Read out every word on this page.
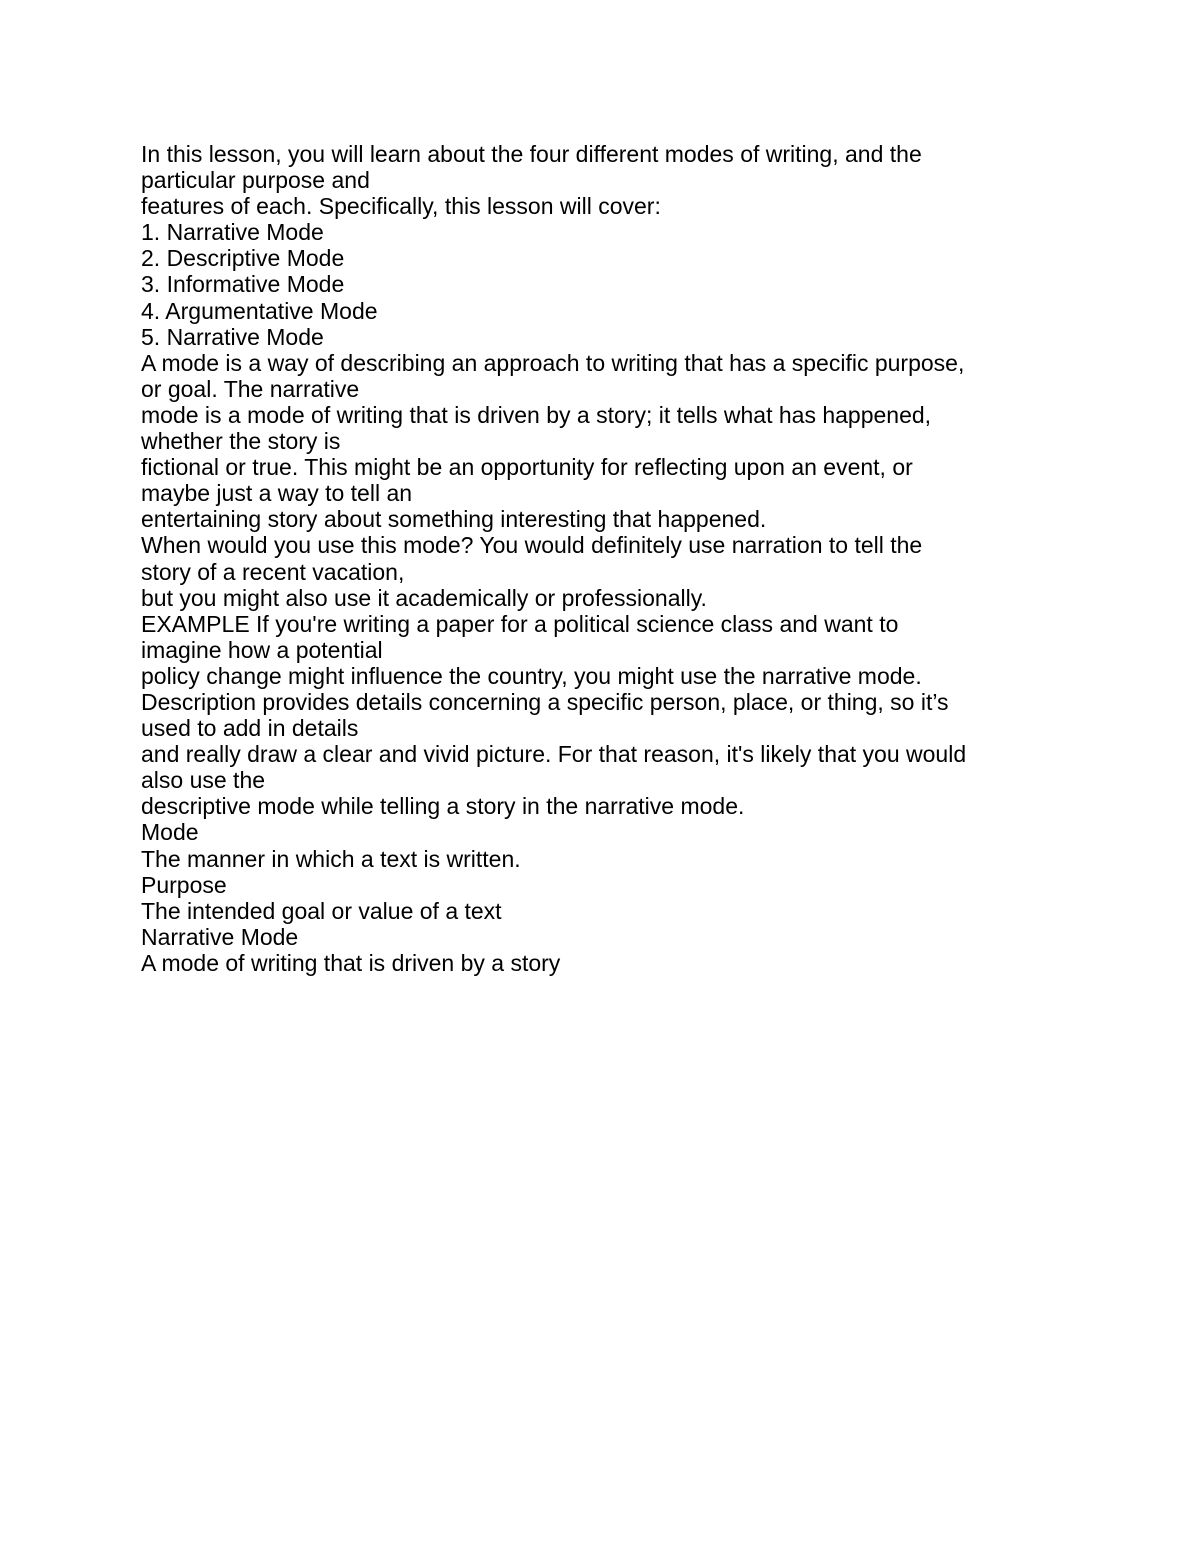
In this lesson, you will learn about the four different modes of writing, and the
particular purpose and
features of each. Specifically, this lesson will cover:
1. Narrative Mode
2. Descriptive Mode
3. Informative Mode
4. Argumentative Mode
5. Narrative Mode
A mode is a way of describing an approach to writing that has a specific purpose,
or goal. The narrative
mode is a mode of writing that is driven by a story; it tells what has happened,
whether the story is
fictional or true. This might be an opportunity for reflecting upon an event, or
maybe just a way to tell an
entertaining story about something interesting that happened.
When would you use this mode? You would definitely use narration to tell the
story of a recent vacation,
but you might also use it academically or professionally.
EXAMPLE If you're writing a paper for a political science class and want to
imagine how a potential
policy change might influence the country, you might use the narrative mode.
Description provides details concerning a specific person, place, or thing, so it’s
used to add in details
and really draw a clear and vivid picture. For that reason, it's likely that you would
also use the
descriptive mode while telling a story in the narrative mode.
Mode
The manner in which a text is written.
Purpose
The intended goal or value of a text
Narrative Mode
A mode of writing that is driven by a story
